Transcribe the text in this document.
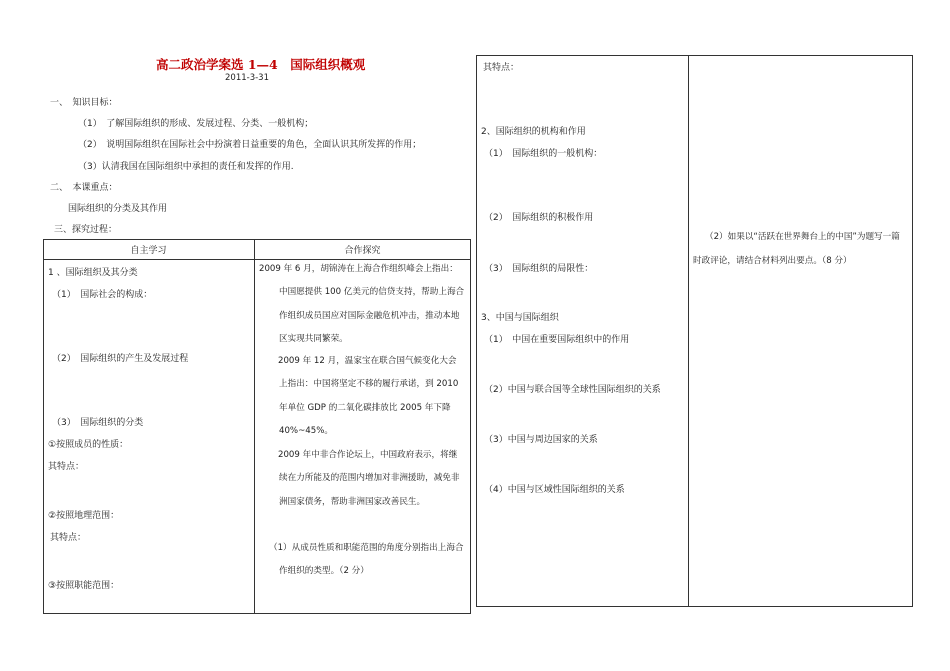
高二政治学案选 1—4　国际组织概观
2011-3-31
一、　知识目标：
（1）　了解国际组织的形成、发展过程、分类、一般机构；
（2）　说明国际组织在国际社会中扮演着日益重要的角色，全面认识其所发挥的作用；
（3）认清我国在国际组织中承担的责任和发挥的作用.
二、　本课重点：
国际组织的分类及其作用
三、探究过程：
自主学习	合作探究
1 、国际组织及其分类
（1）　国际社会的构成：
（2）　国际组织的产生及发展过程
（3）　国际组织的分类
①按照成员的性质：
其特点：
②按照地理范围：
其特点：
③按照职能范围：

2009 年 6 月，胡锦涛在上海合作组织峰会上指出：中国愿提供 100 亿美元的信贷支持，帮助上海合作组织成员国应对国际金融危机冲击，推动本地区实现共同繁荣。

2009 年 12 月，温家宝在联合国气候变化大会上指出：中国将坚定不移的履行承诺，到 2010 年单位 GDP 的二氧化碳排放比 2005 年下降 40%~45%。

2009 年中非合作论坛上，中国政府表示，将继续在力所能及的范围内增加对非洲援助，减免非洲国家债务，帮助非洲国家改善民生。

（1）从成员性质和职能范围的角度分别指出上海合作组织的类型。（2 分）

其特点：
2、国际组织的机构和作用
（1）　国际组织的一般机构：
（2）　国际组织的积极作用
（3）　国际组织的局限性：
3、中国与国际组织
（1）　中国在重要国际组织中的作用
（2）中国与联合国等全球性国际组织的关系
（3）中国与周边国家的关系
（4）中国与区域性国际组织的关系
（2）如果以“活跃在世界舞台上的中国”为题写一篇时政评论，请结合材料列出要点。（8 分）
